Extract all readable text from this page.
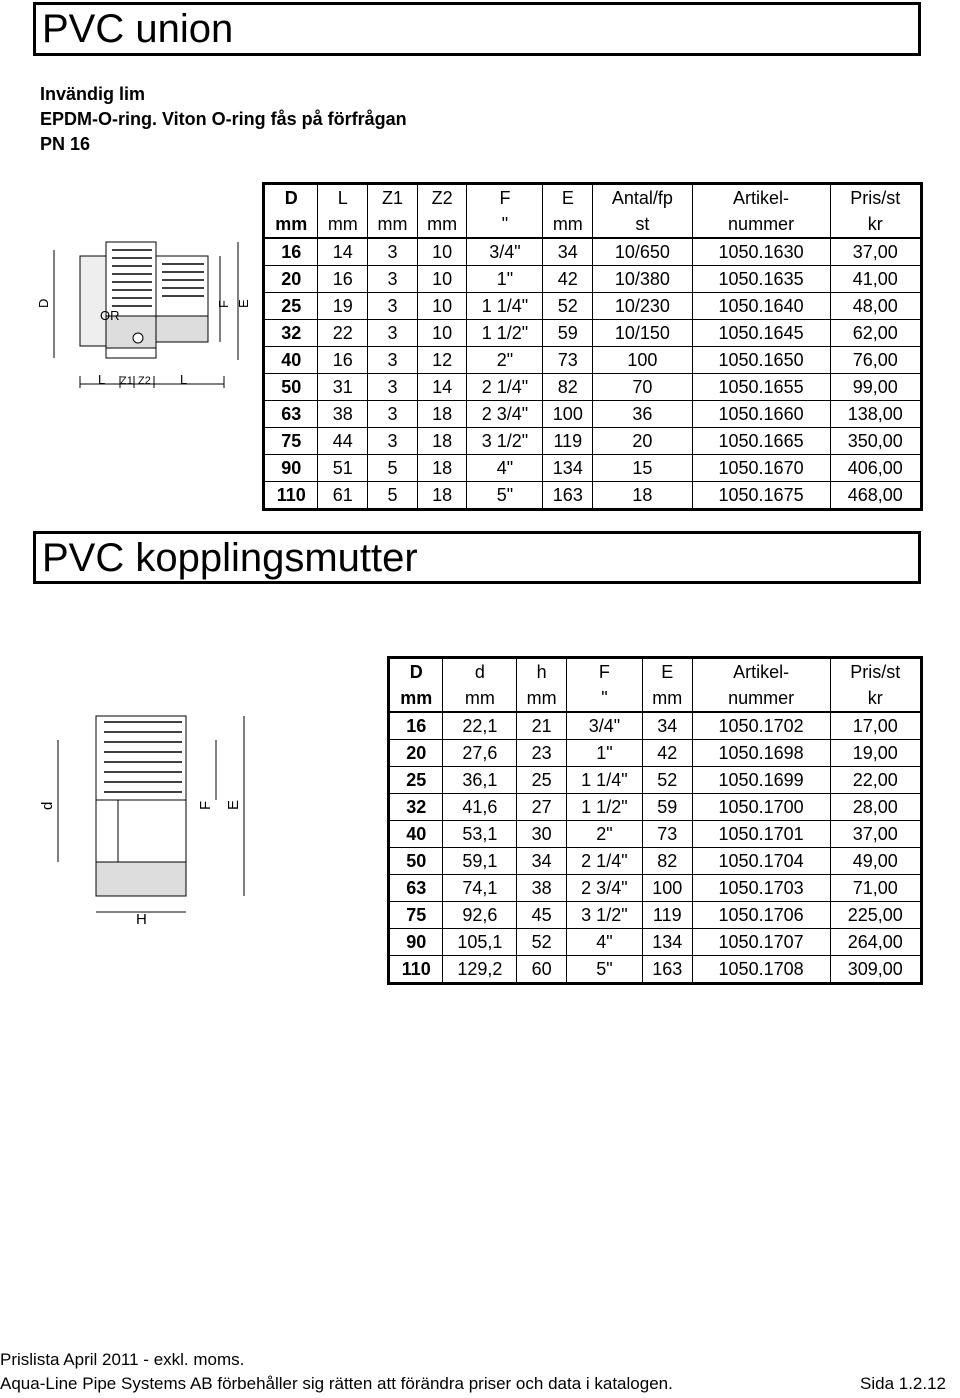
PVC union
Invändig lim
EPDM-O-ring. Viton O-ring fås på förfrågan
PN 16
D	F E
OR
L Z1 Z2 L
D	L	Z1	Z2	F	E	Antal/fp	Artikel-	Pris/st
mm	mm	mm	mm	"	mm	st	nummer	kr
16	14	3	10	3/4"	34	10/650	1050.1630	37,00
20	16	3	10	1"	42	10/380	1050.1635	41,00
25	19	3	10	1 1/4"	52	10/230	1050.1640	48,00
32	22	3	10	1 1/2"	59	10/150	1050.1645	62,00
40	16	3	12	2"	73	100	1050.1650	76,00
50	31	3	14	2 1/4"	82	70	1050.1655	99,00
63	38	3	18	2 3/4"	100	36	1050.1660	138,00
75	44	3	18	3 1/2"	119	20	1050.1665	350,00
90	51	5	18	4"	134	15	1050.1670	406,00
110	61	5	18	5"	163	18	1050.1675	468,00
PVC kopplingsmutter
d	F E
H
D	d	h	F	E	Artikel-	Pris/st
mm	mm	mm	"	mm	nummer	kr
16	22,1	21	3/4"	34	1050.1702	17,00
20	27,6	23	1"	42	1050.1698	19,00
25	36,1	25	1 1/4"	52	1050.1699	22,00
32	41,6	27	1 1/2"	59	1050.1700	28,00
40	53,1	30	2"	73	1050.1701	37,00
50	59,1	34	2 1/4"	82	1050.1704	49,00
63	74,1	38	2 3/4"	100	1050.1703	71,00
75	92,6	45	3 1/2"	119	1050.1706	225,00
90	105,1	52	4"	134	1050.1707	264,00
110	129,2	60	5"	163	1050.1708	309,00
Prislista April 2011 - exkl. moms.
Aqua-Line Pipe Systems AB förbehåller sig rätten att förändra priser och data i katalogen.	Sida 1.2.12
